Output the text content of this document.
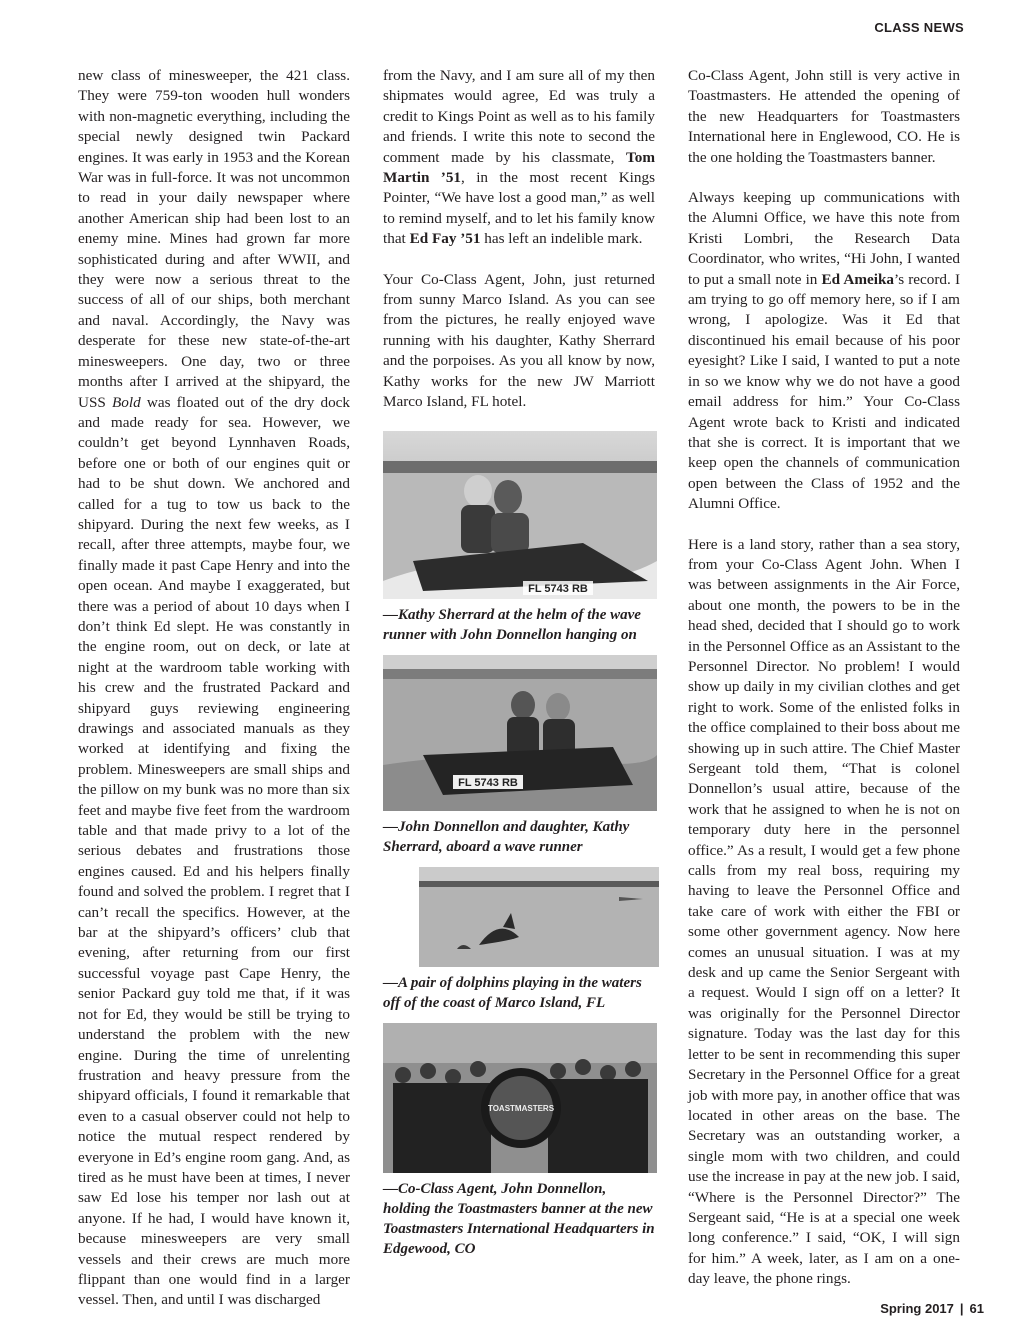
CLASS NEWS

new class of minesweeper, the 421 class. They were 759-ton wooden hull wonders with non-magnetic everything, including the special newly designed twin Packard engines. It was early in 1953 and the Korean War was in full-force. It was not uncommon to read in your daily newspaper where another American ship had been lost to an enemy mine. Mines had grown far more sophisticated during and after WWII, and they were now a serious threat to the success of all of our ships, both merchant and naval. Accordingly, the Navy was desperate for these new state-of-the-art minesweepers. One day, two or three months after I arrived at the shipyard, the USS Bold was floated out of the dry dock and made ready for sea. However, we couldn’t get beyond Lynnhaven Roads, before one or both of our engines quit or had to be shut down. We anchored and called for a tug to tow us back to the shipyard. During the next few weeks, as I recall, after three attempts, maybe four, we finally made it past Cape Henry and into the open ocean. And maybe I exaggerated, but there was a period of about 10 days when I don’t think Ed slept. He was constantly in the engine room, out on deck, or late at night at the wardroom table working with his crew and the frustrated Packard and shipyard guys reviewing engineering drawings and associated manuals as they worked at identifying and fixing the problem. Minesweepers are small ships and the pillow on my bunk was no more than six feet and maybe five feet from the wardroom table and that made privy to a lot of the serious debates and frustrations those engines caused. Ed and his helpers finally found and solved the problem. I regret that I can’t recall the specifics. However, at the bar at the shipyard’s officers’ club that evening, after returning from our first successful voyage past Cape Henry, the senior Packard guy told me that, if it was not for Ed, they would be still be trying to understand the problem with the new engine. During the time of unrelenting frustration and heavy pressure from the shipyard officials, I found it remarkable that even to a casual observer could not help to notice the mutual respect rendered by everyone in Ed’s engine room gang. And, as tired as he must have been at times, I never saw Ed lose his temper nor lash out at anyone. If he had, I would have known it, because minesweepers are very small vessels and their crews are much more flippant than one would find in a larger vessel. Then, and until I was discharged

from the Navy, and I am sure all of my then shipmates would agree, Ed was truly a credit to Kings Point as well as to his family and friends. I write this note to second the comment made by his classmate, Tom Martin ’51, in the most recent Kings Pointer, “We have lost a good man,” as well to remind myself, and to let his family know that Ed Fay ’51 has left an indelible mark.

Your Co-Class Agent, John, just returned from sunny Marco Island. As you can see from the pictures, he really enjoyed wave running with his daughter, Kathy Sherrard and the porpoises. As you all know by now, Kathy works for the new JW Marriott Marco Island, FL hotel.

FL 5743 RB
—Kathy Sherrard at the helm of the wave runner with John Donnellon hanging on
FL 5743 RB
—John Donnellon and daughter, Kathy Sherrard, aboard a wave runner
—A pair of dolphins playing in the waters off of the coast of Marco Island, FL
TOASTMASTERS
—Co-Class Agent, John Donnellon, holding the Toastmasters banner at the new Toastmasters International Headquarters in Edgewood, CO

Co-Class Agent, John still is very active in Toastmasters. He attended the opening of the new Headquarters for Toastmasters International here in Englewood, CO. He is the one holding the Toastmasters banner.

Always keeping up communications with the Alumni Office, we have this note from Kristi Lombri, the Research Data Coordinator, who writes, “Hi John, I wanted to put a small note in Ed Ameika’s record. I am trying to go off memory here, so if I am wrong, I apologize. Was it Ed that discontinued his email because of his poor eyesight? Like I said, I wanted to put a note in so we know why we do not have a good email address for him.” Your Co-Class Agent wrote back to Kristi and indicated that she is correct. It is important that we keep open the channels of communication open between the Class of 1952 and the Alumni Office.

Here is a land story, rather than a sea story, from your Co-Class Agent John. When I was between assignments in the Air Force, about one month, the powers to be in the head shed, decided that I should go to work in the Personnel Office as an Assistant to the Personnel Director. No problem! I would show up daily in my civilian clothes and get right to work. Some of the enlisted folks in the office complained to their boss about me showing up in such attire. The Chief Master Sergeant told them, “That is colonel Donnellon’s usual attire, because of the work that he assigned to when he is not on temporary duty here in the personnel office.” As a result, I would get a few phone calls from my real boss, requiring my having to leave the Personnel Office and take care of work with either the FBI or some other government agency. Now here comes an unusual situation. I was at my desk and up came the Senior Sergeant with a request. Would I sign off on a letter? It was originally for the Personnel Director signature. Today was the last day for this letter to be sent in recommending this super Secretary in the Personnel Office for a great job with more pay, in another office that was located in other areas on the base. The Secretary was an outstanding worker, a single mom with two children, and could use the increase in pay at the new job. I said, “Where is the Personnel Director?” The Sergeant said, “He is at a special one week long conference.” I said, “OK, I will sign for him.” A week, later, as I am on a one-day leave, the phone rings.

Spring 2017 | 61
